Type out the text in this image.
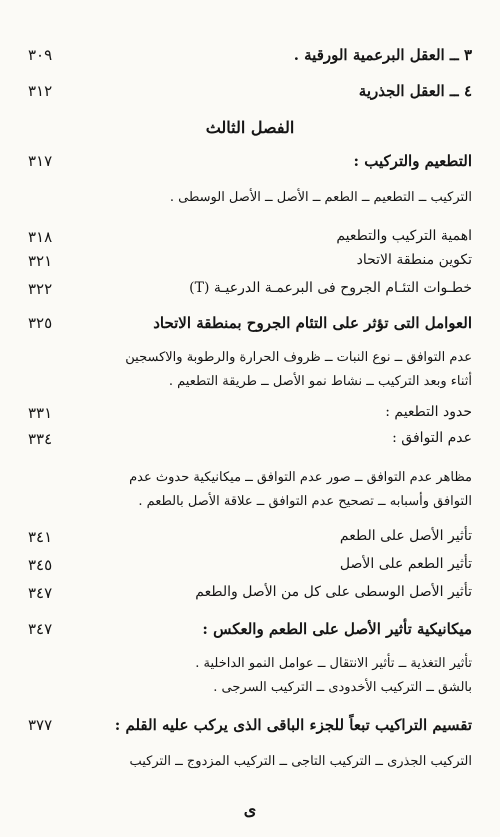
٣ ــ العقل البرعمية الورقية .
٣٠٩
٤ ــ العقل الجذرية
٣١٢
الفصل الثالث
التطعيم والتركيب :
٣١٧
التركيب ــ التطعيم ــ الطعم ــ الأصل ــ الأصل الوسطى .
اهمية التركيب والتطعيم
٣١٨
تكوين منطقة الاتحاد
٣٢١
خطـوات التئـام الجروح فى البرعمـة الدرعيـة (T)
٣٢٢
العوامل التى تؤثر على التئام الجروح بمنطقة الاتحاد
٣٢٥
عدم التوافق ــ نوع النبات ــ ظروف الحرارة والرطوبة والاكسجين
أثناء وبعد التركيب ــ نشاط نمو الأصل ــ طريقة التطعيم .
حدود التطعيم :
٣٣١
عدم التوافق :
٣٣٤
مظاهر عدم التوافق ــ صور عدم التوافق ــ ميكانيكية حدوث عدم
التوافق وأسبابه ــ تصحيح عدم التوافق ــ علاقة الأصل بالطعم .
تأثير الأصل على الطعم
٣٤١
تأثير الطعم على الأصل
٣٤٥
تأثير الأصل الوسطى على كل من الأصل والطعم
٣٤٧
ميكانيكية تأثير الأصل على الطعم والعكس :
٣٤٧
تأثير التغذية ــ تأثير الانتقال ــ عوامل النمو الداخلية .
بالشق ــ التركيب الأخدودى ــ التركيب السرجى .
تقسيم التراكيب تبعاً للجزء الباقى الذى يركب عليه القلم :
٣٧٧
التركيب الجذرى ــ التركيب التاجى ــ التركيب المزدوج ــ التركيب
ى
